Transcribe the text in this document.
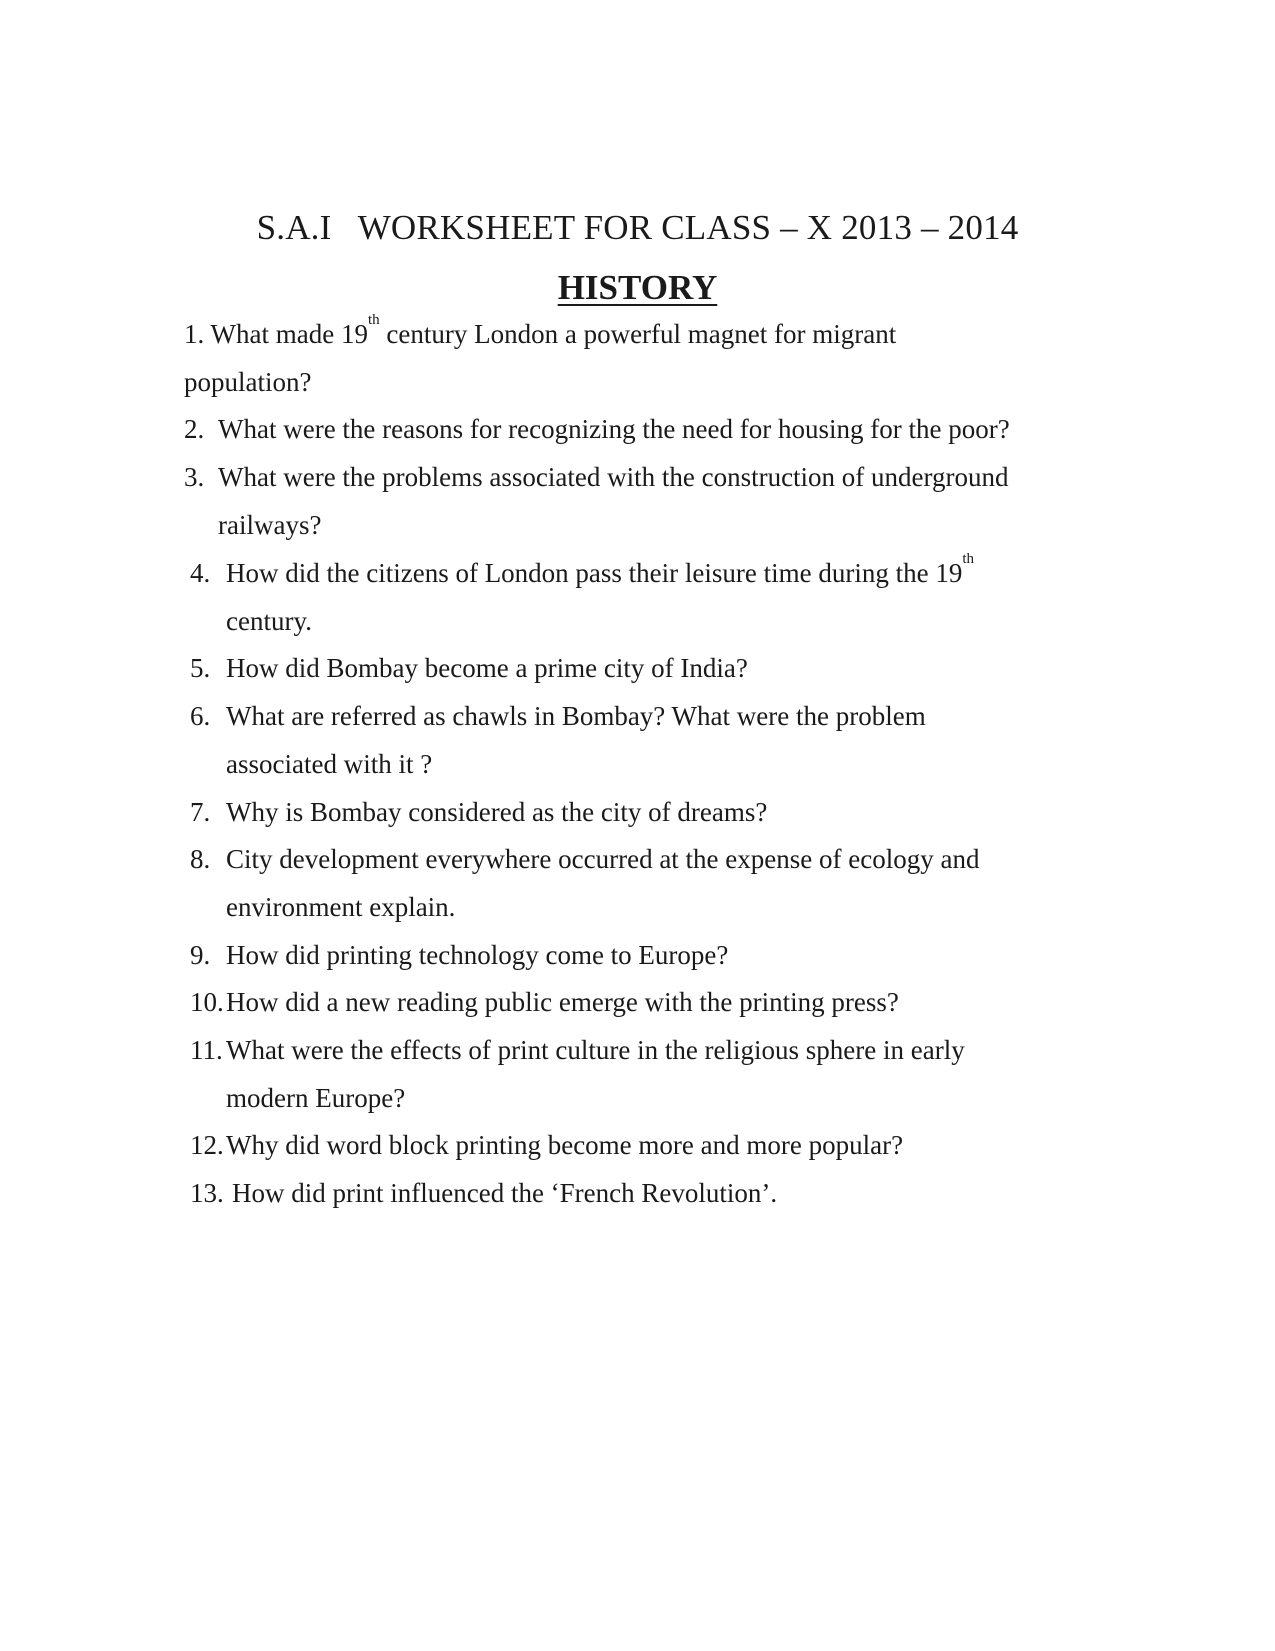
S.A.I   WORKSHEET FOR CLASS – X 2013 – 2014
HISTORY
1. What made 19th century London a powerful magnet for migrant
population?
2. What were the reasons for recognizing the need for housing for the poor?
3. What were the problems associated with the construction of underground
railways?
4. How did the citizens of London pass their leisure time during the 19th
century.
5. How did Bombay become a prime city of India?
6. What are referred as chawls in Bombay? What were the problem
associated with it ?
7. Why is Bombay considered as the city of dreams?
8. City development everywhere occurred at the expense of ecology and
environment explain.
9. How did printing technology come to Europe?
10. How did a new reading public emerge with the printing press?
11. What were the effects of print culture in the religious sphere in early
modern Europe?
12. Why did word block printing become more and more popular?
13. How did print influenced the ‘French Revolution’.
